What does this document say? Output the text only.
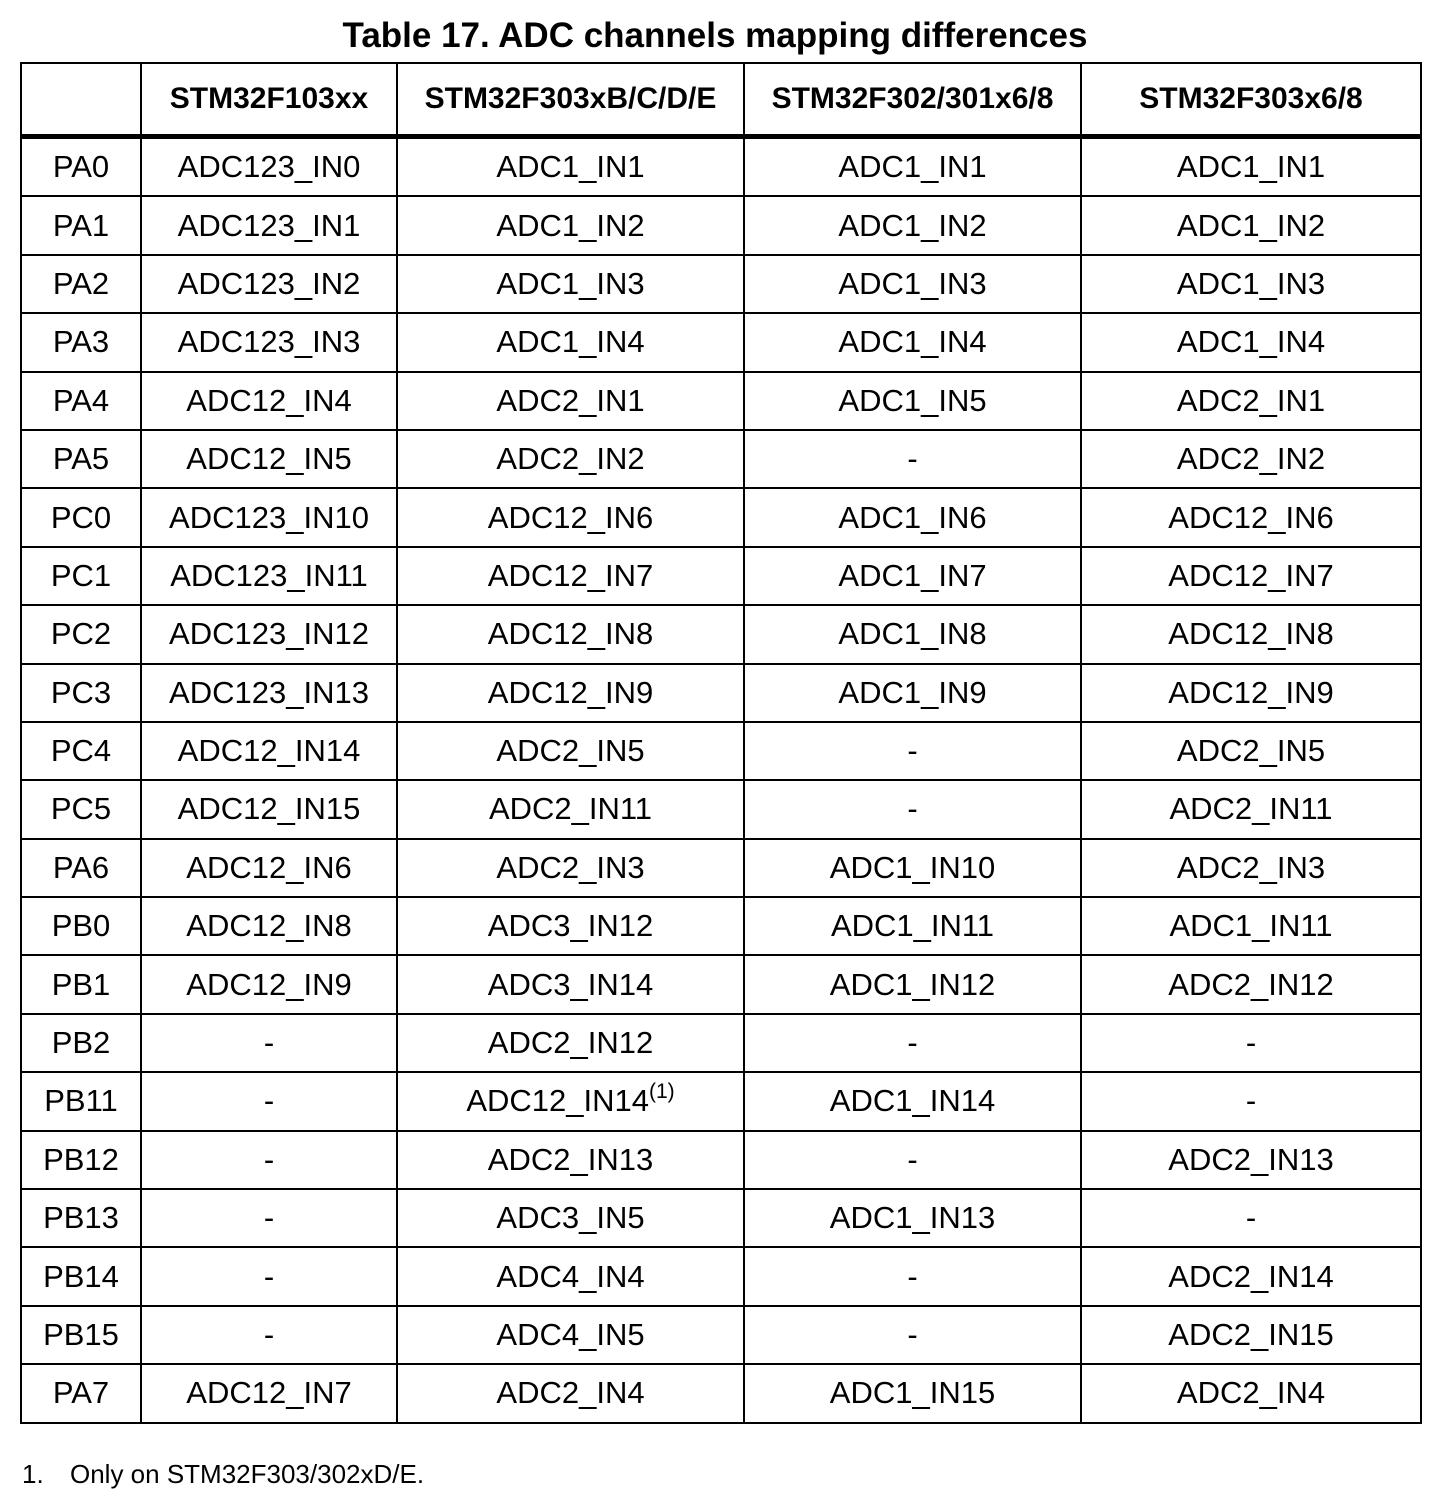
Table 17. ADC channels mapping differences
	STM32F103xx	STM32F303xB/C/D/E	STM32F302/301x6/8	STM32F303x6/8
PA0	ADC123_IN0	ADC1_IN1	ADC1_IN1	ADC1_IN1
PA1	ADC123_IN1	ADC1_IN2	ADC1_IN2	ADC1_IN2
PA2	ADC123_IN2	ADC1_IN3	ADC1_IN3	ADC1_IN3
PA3	ADC123_IN3	ADC1_IN4	ADC1_IN4	ADC1_IN4
PA4	ADC12_IN4	ADC2_IN1	ADC1_IN5	ADC2_IN1
PA5	ADC12_IN5	ADC2_IN2	-	ADC2_IN2
PC0	ADC123_IN10	ADC12_IN6	ADC1_IN6	ADC12_IN6
PC1	ADC123_IN11	ADC12_IN7	ADC1_IN7	ADC12_IN7
PC2	ADC123_IN12	ADC12_IN8	ADC1_IN8	ADC12_IN8
PC3	ADC123_IN13	ADC12_IN9	ADC1_IN9	ADC12_IN9
PC4	ADC12_IN14	ADC2_IN5	-	ADC2_IN5
PC5	ADC12_IN15	ADC2_IN11	-	ADC2_IN11
PA6	ADC12_IN6	ADC2_IN3	ADC1_IN10	ADC2_IN3
PB0	ADC12_IN8	ADC3_IN12	ADC1_IN11	ADC1_IN11
PB1	ADC12_IN9	ADC3_IN14	ADC1_IN12	ADC2_IN12
PB2	-	ADC2_IN12	-	-
PB11	-	ADC12_IN14$^{(1)}$	ADC1_IN14	-
PB12	-	ADC2_IN13	-	ADC2_IN13
PB13	-	ADC3_IN5	ADC1_IN13	-
PB14	-	ADC4_IN4	-	ADC2_IN14
PB15	-	ADC4_IN5	-	ADC2_IN15
PA7	ADC12_IN7	ADC2_IN4	ADC1_IN15	ADC2_IN4
1. Only on STM32F303/302xD/E.
